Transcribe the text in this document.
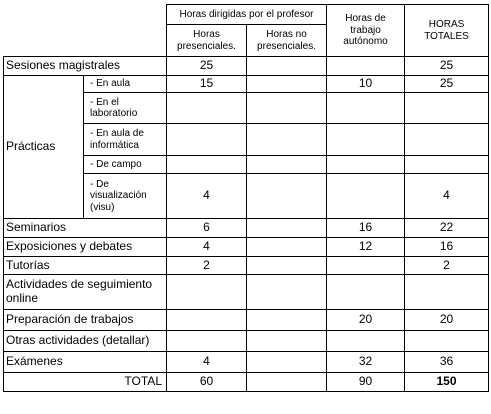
		Horas dirigidas por el profesor		Horas de trabajo autónomo	HORAS TOTALES
		Horas presenciales.	Horas no presenciales.		
Sesiones magistrales		25			25
Prácticas	- En aula	15		10	25
	- En el laboratorio				
	- En aula de informática				
	- De campo				
	- De visualización (visu)	4			4
Seminarios		6		16	22
Exposiciones y debates		4		12	16
Tutorías		2			2
Actividades de seguimiento online					
Preparación de trabajos				20	20
Otras actividades (detallar)					
Exámenes		4		32	36
TOTAL		60		90	150
